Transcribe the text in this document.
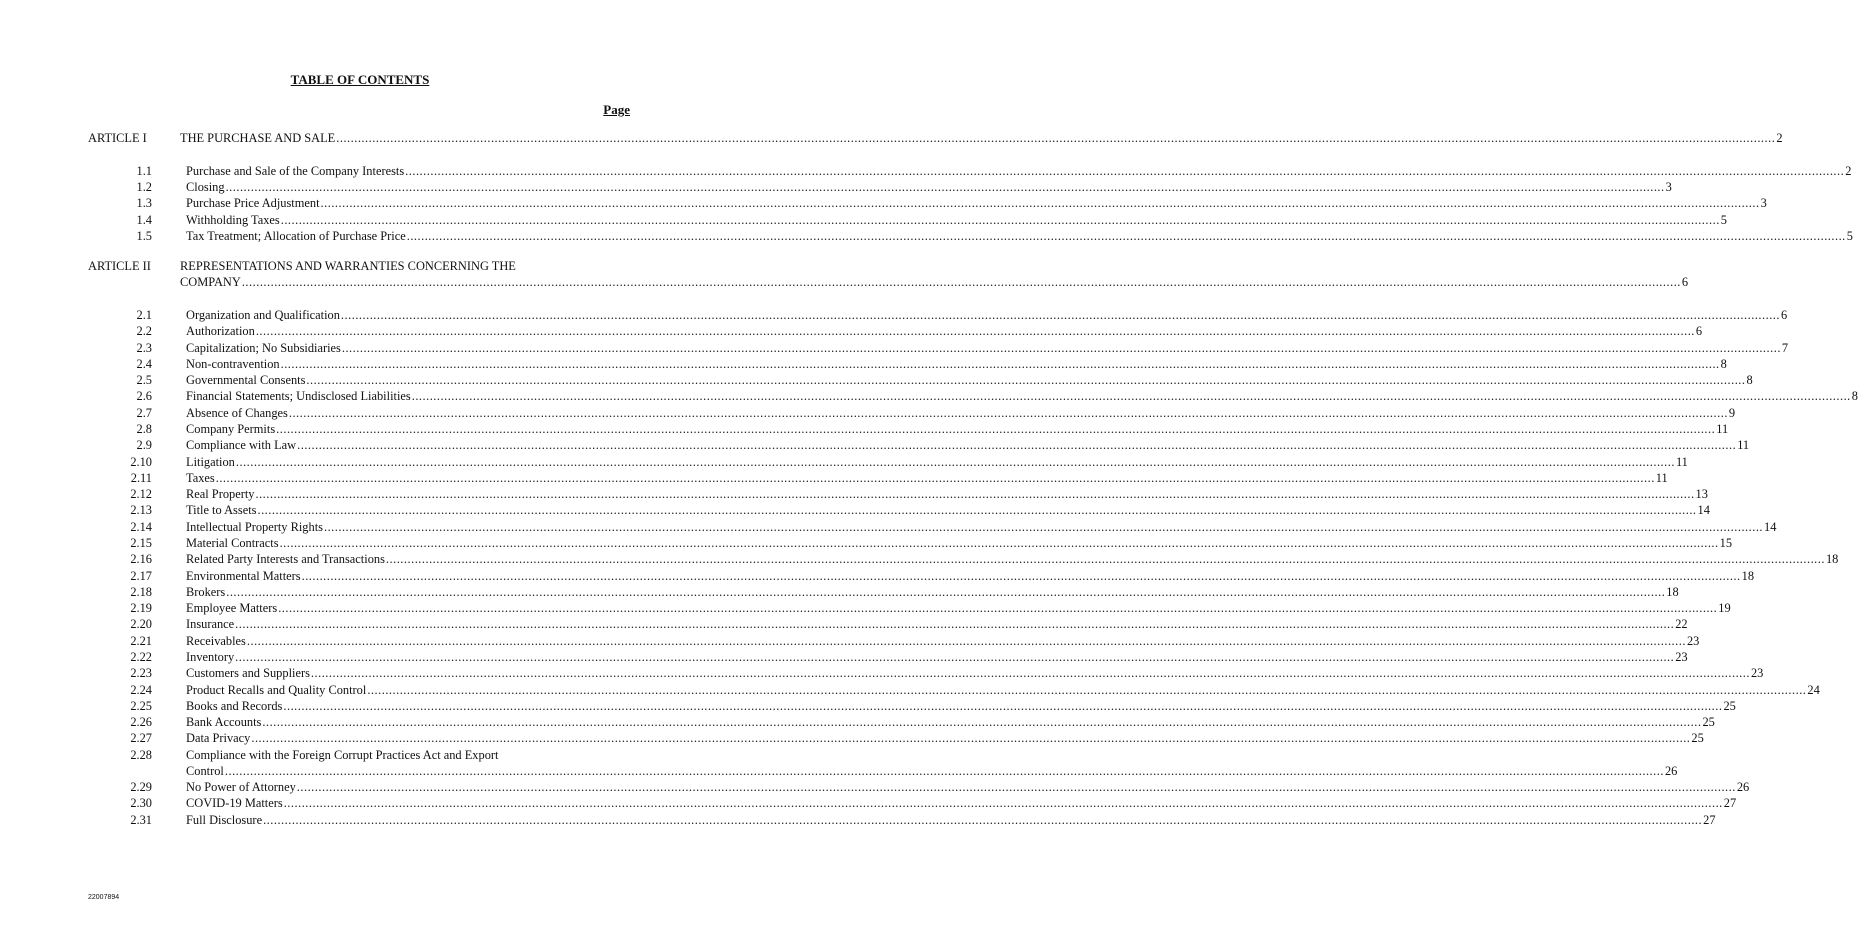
TABLE OF CONTENTS
Page
ARTICLE I	THE PURCHASE AND SALE ................................................................................................................................................................................................................................................................................................................................................................................................................ 2
1.1	Purchase and Sale of the Company Interests ................................................................................................................................................................................................................................................................................................................................................................................................................ 2
1.2	Closing ................................................................................................................................................................................................................................................................................................................................................................................................................ 3
1.3	Purchase Price Adjustment ................................................................................................................................................................................................................................................................................................................................................................................................................ 3
1.4	Withholding Taxes ................................................................................................................................................................................................................................................................................................................................................................................................................ 5
1.5	Tax Treatment; Allocation of Purchase Price ................................................................................................................................................................................................................................................................................................................................................................................................................ 5
ARTICLE II REPRESENTATIONS AND WARRANTIES CONCERNING THE
COMPANY ................................................................................................................................................................................................................................................................................................................................................................................................................ 6
2.1	Organization and Qualification ................................................................................................................................................................................................................................................................................................................................................................................................................ 6
2.2	Authorization ................................................................................................................................................................................................................................................................................................................................................................................................................ 6
2.3	Capitalization; No Subsidiaries ................................................................................................................................................................................................................................................................................................................................................................................................................ 7
2.4	Non-contravention ................................................................................................................................................................................................................................................................................................................................................................................................................ 8
2.5	Governmental Consents ................................................................................................................................................................................................................................................................................................................................................................................................................ 8
2.6	Financial Statements; Undisclosed Liabilities ................................................................................................................................................................................................................................................................................................................................................................................................................ 8
2.7	Absence of Changes ................................................................................................................................................................................................................................................................................................................................................................................................................ 9
2.8	Company Permits ................................................................................................................................................................................................................................................................................................................................................................................................................ 11
2.9	Compliance with Law ................................................................................................................................................................................................................................................................................................................................................................................................................ 11
2.10	Litigation ................................................................................................................................................................................................................................................................................................................................................................................................................ 11
2.11	Taxes ................................................................................................................................................................................................................................................................................................................................................................................................................ 11
2.12	Real Property ................................................................................................................................................................................................................................................................................................................................................................................................................ 13
2.13	Title to Assets ................................................................................................................................................................................................................................................................................................................................................................................................................ 14
2.14	Intellectual Property Rights ................................................................................................................................................................................................................................................................................................................................................................................................................ 14
2.15	Material Contracts ................................................................................................................................................................................................................................................................................................................................................................................................................ 15
2.16	Related Party Interests and Transactions ................................................................................................................................................................................................................................................................................................................................................................................................................ 18
2.17	Environmental Matters ................................................................................................................................................................................................................................................................................................................................................................................................................ 18
2.18	Brokers ................................................................................................................................................................................................................................................................................................................................................................................................................ 18
2.19	Employee Matters ................................................................................................................................................................................................................................................................................................................................................................................................................ 19
2.20	Insurance ................................................................................................................................................................................................................................................................................................................................................................................................................ 22
2.21	Receivables ................................................................................................................................................................................................................................................................................................................................................................................................................ 23
2.22	Inventory ................................................................................................................................................................................................................................................................................................................................................................................................................ 23
2.23	Customers and Suppliers ................................................................................................................................................................................................................................................................................................................................................................................................................ 23
2.24	Product Recalls and Quality Control ................................................................................................................................................................................................................................................................................................................................................................................................................ 24
2.25	Books and Records ................................................................................................................................................................................................................................................................................................................................................................................................................ 25
2.26	Bank Accounts ................................................................................................................................................................................................................................................................................................................................................................................................................ 25
2.27	Data Privacy ................................................................................................................................................................................................................................................................................................................................................................................................................ 25
2.28	Compliance with the Foreign Corrupt Practices Act and Export
Control ................................................................................................................................................................................................................................................................................................................................................................................................................ 26
2.29	No Power of Attorney ................................................................................................................................................................................................................................................................................................................................................................................................................ 26
2.30	COVID-19 Matters ................................................................................................................................................................................................................................................................................................................................................................................................................ 27
2.31	Full Disclosure ................................................................................................................................................................................................................................................................................................................................................................................................................ 27
22007894
